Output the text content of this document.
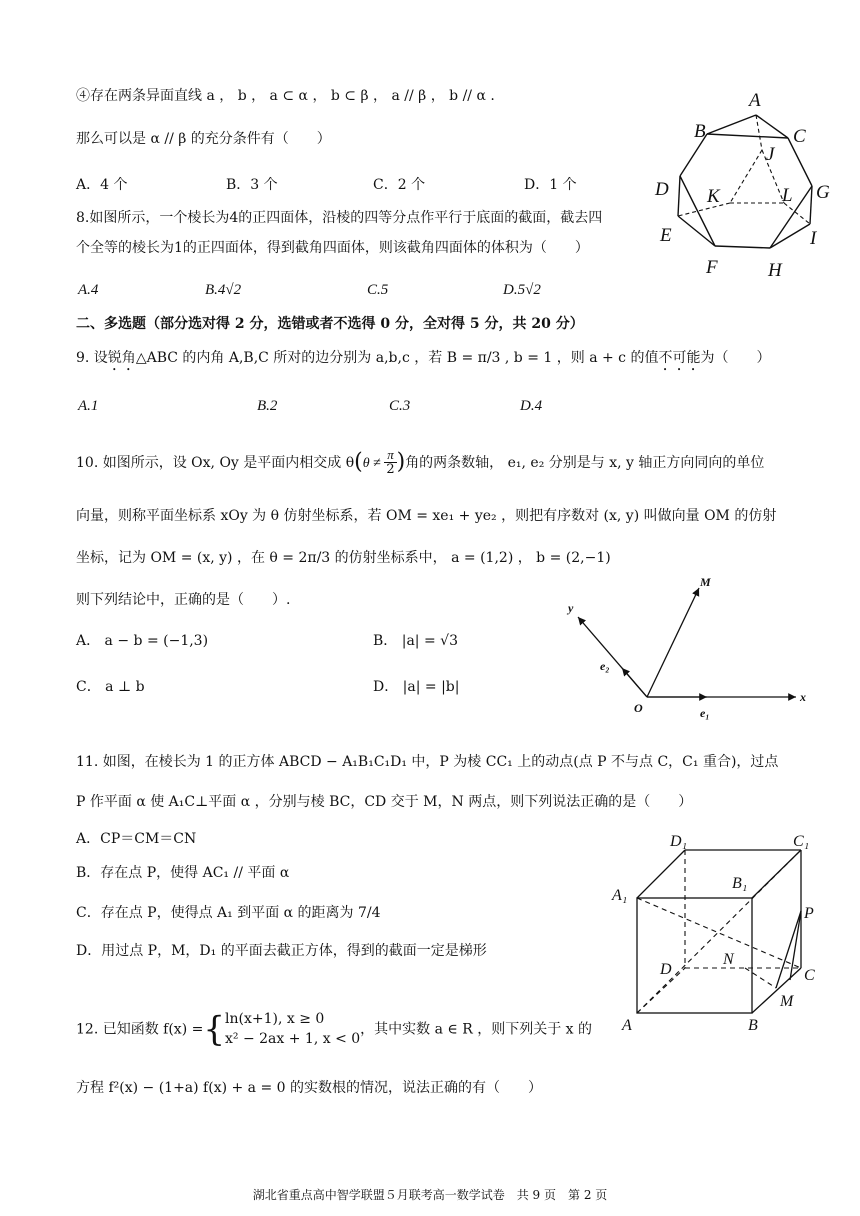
④存在两条异面直线 a ， b ， a ⊂ α ， b ⊂ β ， a // β ， b // α .
那么可以是 α // β 的充分条件有（　　）
A．4 个	B．3 个	C．2 个	D．1 个
8.如图所示，一个棱长为4的正四面体，沿棱的四等分点作平行于底面的截面，截去四
个全等的棱长为1的正四面体，得到截角四面体，则该截角四面体的体积为（　　）
A.4	B.4√2	C.5	D.5√2
A
B	C
J
D K	L G
E	I
F	H
二、多选题（部分选对得 2 分，选错或者不选得 0 分，全对得 5 分，共 20 分）
9. 设锐角△ABC 的内角 A,B,C 所对的边分别为 a,b,c ，若 B = π/3 , b = 1 ，则 a + c 的值不可能为（　　）
A.1	B.2	C.3	D.4
10. 如图所示，设 Ox, Oy 是平面内相交成 $\theta(\theta \ne \frac{\pi}{2}$ )角的两条数轴， e₁, e₂ 分别是与 x, y 轴正方向同向的单位
向量，则称平面坐标系 xOy 为 θ 仿射坐标系，若 OM = xe₁ + ye₂ ，则把有序数对 (x, y) 叫做向量 OM 的仿射
坐标，记为 OM = (x, y) ，在 θ = 2π/3 的仿射坐标系中， a = (1,2) ， b = (2,−1)
则下列结论中，正确的是（　　）.
A． a − b = (−1,3)	B． |a| = √3
C． a ⊥ b	D． |a| = |b|
M
y
e₂
O	e₁
x
11. 如图，在棱长为 1 的正方体 ABCD − A₁B₁C₁D₁ 中，P 为棱 CC₁ 上的动点(点 P 不与点 C，C₁ 重合)，过点
P 作平面 α 使 A₁C⊥平面 α ，分别与棱 BC，CD 交于 M，N 两点，则下列说法正确的是（　　）
A．CP＝CM＝CN
B．存在点 P，使得 AC₁ // 平面 α
C．存在点 P，使得点 A₁ 到平面 α 的距离为 7/4
D．用过点 P，M，D₁ 的平面去截正方体，得到的截面一定是梯形
D₁	C₁
B₁
A₁
P
D
N
C
M
A	B
12. 已知函数 f(x) ={ ln(x+1), x ≥ 0
x² − 2ax + 1, x < 0
，其中实数 a ∈ R ，则下列关于 x 的
方程 f²(x) − (1+a) f(x) + a = 0 的实数根的情况，说法正确的有（　　）
湖北省重点高中智学联盟５月联考高一数学试卷　共 9 页　第 2 页
